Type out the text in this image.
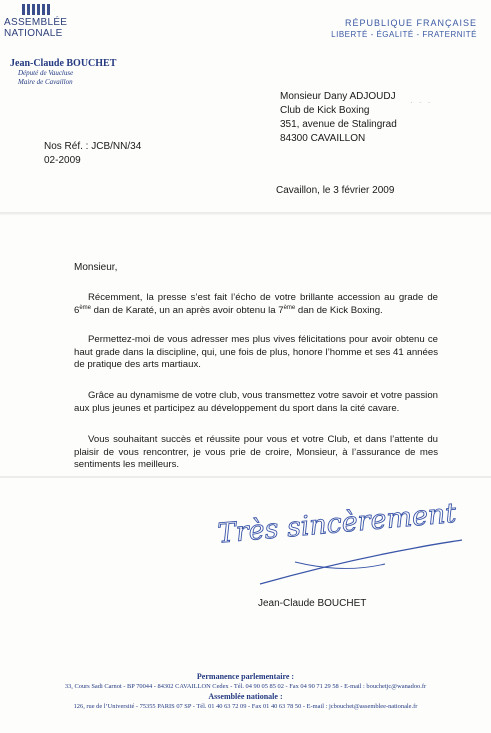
ASSEMBLÉE
NATIONALE
Jean-Claude BOUCHET
Député de Vaucluse
Maire de Cavaillon
RÉPUBLIQUE FRANÇAISE
LIBERTÉ - ÉGALITÉ - FRATERNITÉ
· · ·
Monsieur Dany ADJOUDJ
Club de Kick Boxing
351, avenue de Stalingrad
84300 CAVAILLON
Nos Réf. : JCB/NN/34
02-2009
Cavaillon, le 3 février 2009
Monsieur,
Récemment, la presse s’est fait l’écho de votre brillante accession au grade de 6ème dan de Karaté, un an après avoir obtenu la 7ème dan de Kick Boxing.
Permettez-moi de vous adresser mes plus vives félicitations pour avoir obtenu ce haut grade dans la discipline, qui, une fois de plus, honore l’homme et ses 41 années de pratique des arts martiaux.
Grâce au dynamisme de votre club, vous transmettez votre savoir et votre passion aux plus jeunes et participez au développement du sport dans la cité cavare.
Vous souhaitant succès et réussite pour vous et votre Club, et dans l’attente du plaisir de vous rencontrer, je vous prie de croire, Monsieur, à l’assurance de mes sentiments les meilleurs.
Très sincèrement
Jean-Claude BOUCHET
Permanence parlementaire :
33, Cours Sadi Carnot - BP 70044 - 84302 CAVAILLON Cedex - Tél. 04 90 05 85 02 - Fax 04 90 71 29 58 - E-mail : bouchetjc@wanadoo.fr
Assemblée nationale :
126, rue de l’Université - 75355 PARIS 07 SP - Tél. 01 40 63 72 09 - Fax 01 40 63 78 50 - E-mail : jcbouchet@assemblee-nationale.fr
